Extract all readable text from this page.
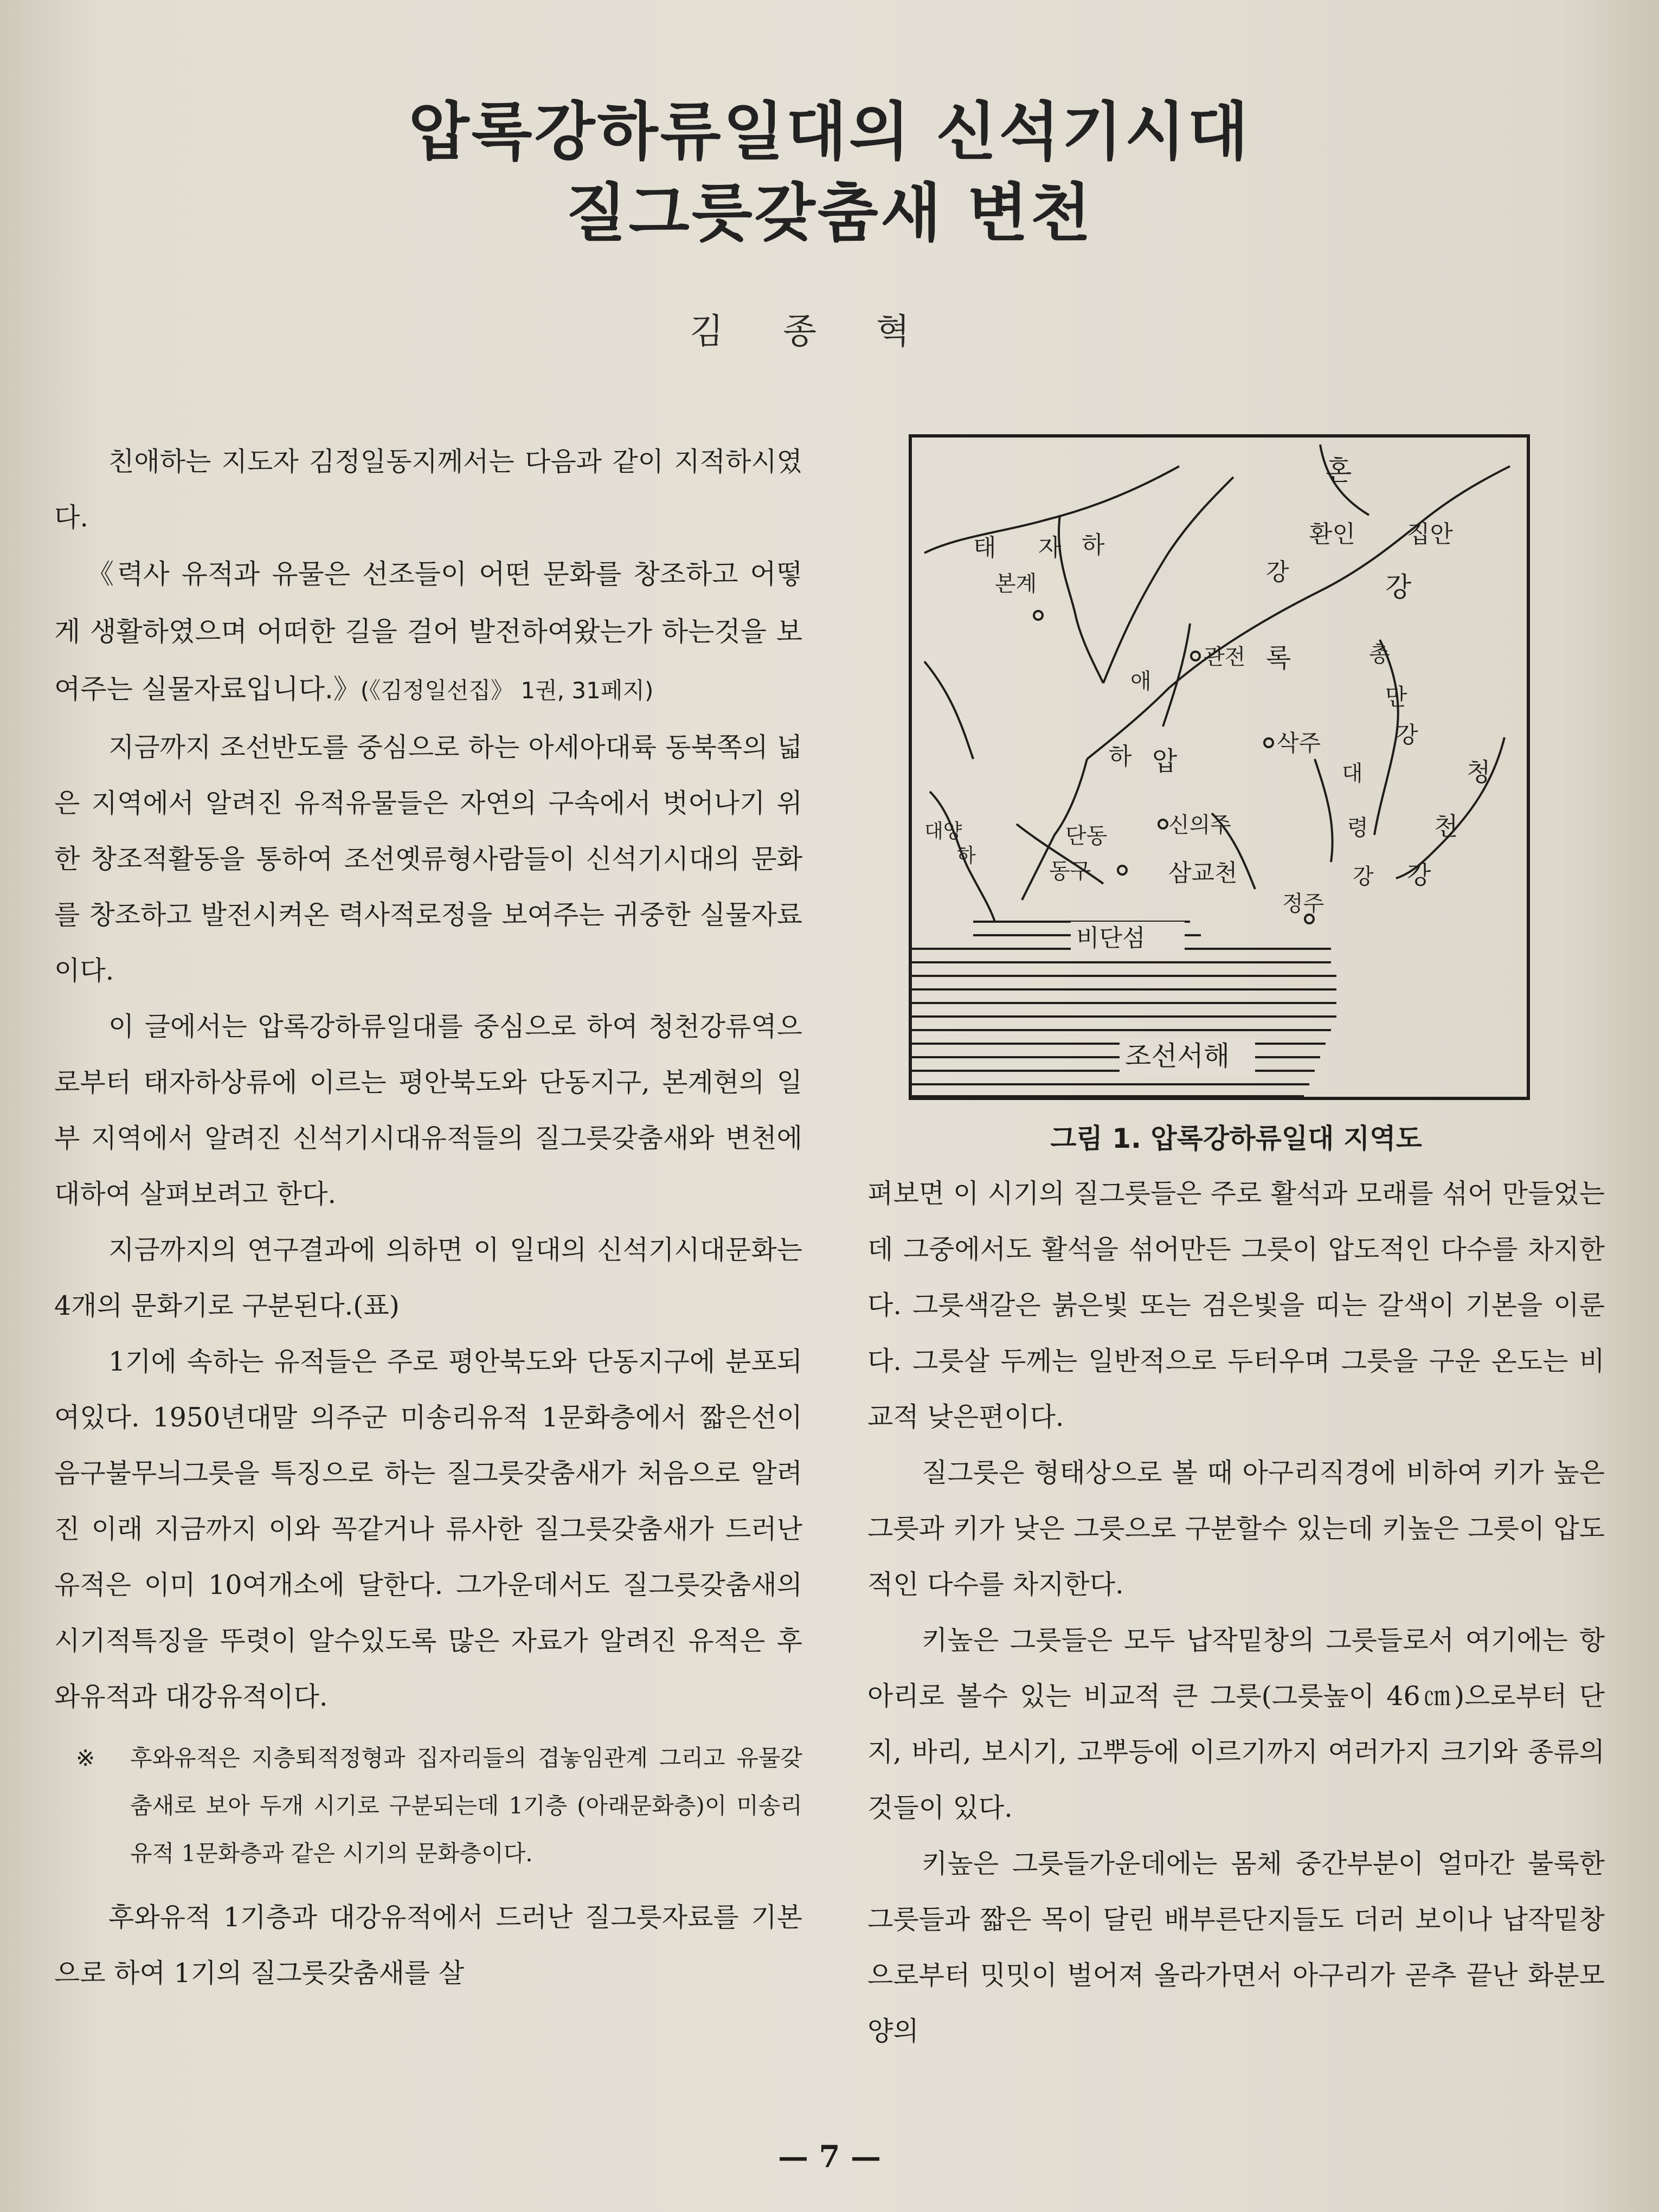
압록강하류일대의 신석기시대
질그릇갖춤새 변천
김종혁

친애하는 지도자 김정일동지께서는 다음과 같이 지적하시였다.

《력사 유적과 유물은 선조들이 어떤 문화를 창조하고 어떻게 생활하였으며 어떠한 길을 걸어 발전하여왔는가 하는것을 보여주는 실물자료입니다.》(《김정일선집》 1권, 31페지)

지금까지 조선반도를 중심으로 하는 아세아대륙 동북쪽의 넓은 지역에서 알려진 유적유물들은 자연의 구속에서 벗어나기 위한 창조적활동을 통하여 조선옛류형사람들이 신석기시대의 문화를 창조하고 발전시켜온 력사적로정을 보여주는 귀중한 실물자료이다.

이 글에서는 압록강하류일대를 중심으로 하여 청천강류역으로부터 태자하상류에 이르는 평안북도와 단동지구, 본계현의 일부 지역에서 알려진 신석기시대유적들의 질그릇갖춤새와 변천에 대하여 살펴보려고 한다.

지금까지의 연구결과에 의하면 이 일대의 신석기시대문화는 4개의 문화기로 구분된다.(표)

1기에 속하는 유적들은 주로 평안북도와 단동지구에 분포되여있다. 1950년대말 의주군 미송리유적 1문화층에서 짧은선이음구불무늬그릇을 특징으로 하는 질그릇갖춤새가 처음으로 알려진 이래 지금까지 이와 꼭같거나 류사한 질그릇갖춤새가 드러난 유적은 이미 10여개소에 달한다. 그가운데서도 질그릇갖춤새의 시기적특징을 뚜렷이 알수있도록 많은 자료가 알려진 유적은 후와유적과 대강유적이다.

※ 후와유적은 지층퇴적정형과 집자리들의 겹놓임관계 그리고 유물갖춤새로 보아 두개 시기로 구분되는데 1기층 (아래문화층)이 미송리유적 1문화층과 같은 시기의 문화층이다.

후와유적 1기층과 대강유적에서 드러난 질그릇자료를 기본으로 하여 1기의 질그릇갖춤새를 살

혼
강
환인 집안
강
태 자 하
본계
애
하
관전 록
압
총
만
강
삭주
대
령
강
청
천
강
단동	신의주
동구	삼교천
정주
대양
하
비단섬
조선서해
그림 1. 압록강하류일대 지역도

펴보면 이 시기의 질그릇들은 주로 활석과 모래를 섞어 만들었는데 그중에서도 활석을 섞어만든 그릇이 압도적인 다수를 차지한다. 그릇색갈은 붉은빛 또는 검은빛을 띠는 갈색이 기본을 이룬다. 그릇살 두께는 일반적으로 두터우며 그릇을 구운 온도는 비교적 낮은편이다.

질그릇은 형태상으로 볼 때 아구리직경에 비하여 키가 높은 그릇과 키가 낮은 그릇으로 구분할수 있는데 키높은 그릇이 압도적인 다수를 차지한다.

키높은 그릇들은 모두 납작밑창의 그릇들로서 여기에는 항아리로 볼수 있는 비교적 큰 그릇(그릇높이 46㎝)으로부터 단지, 바리, 보시기, 고뿌등에 이르기까지 여러가지 크기와 종류의것들이 있다.

키높은 그릇들가운데에는 몸체 중간부분이 얼마간 불룩한 그릇들과 짧은 목이 달린 배부른단지들도 더러 보이나 납작밑창으로부터 밋밋이 벌어져 올라가면서 아구리가 곧추 끝난 화분모양의

— 7 —
